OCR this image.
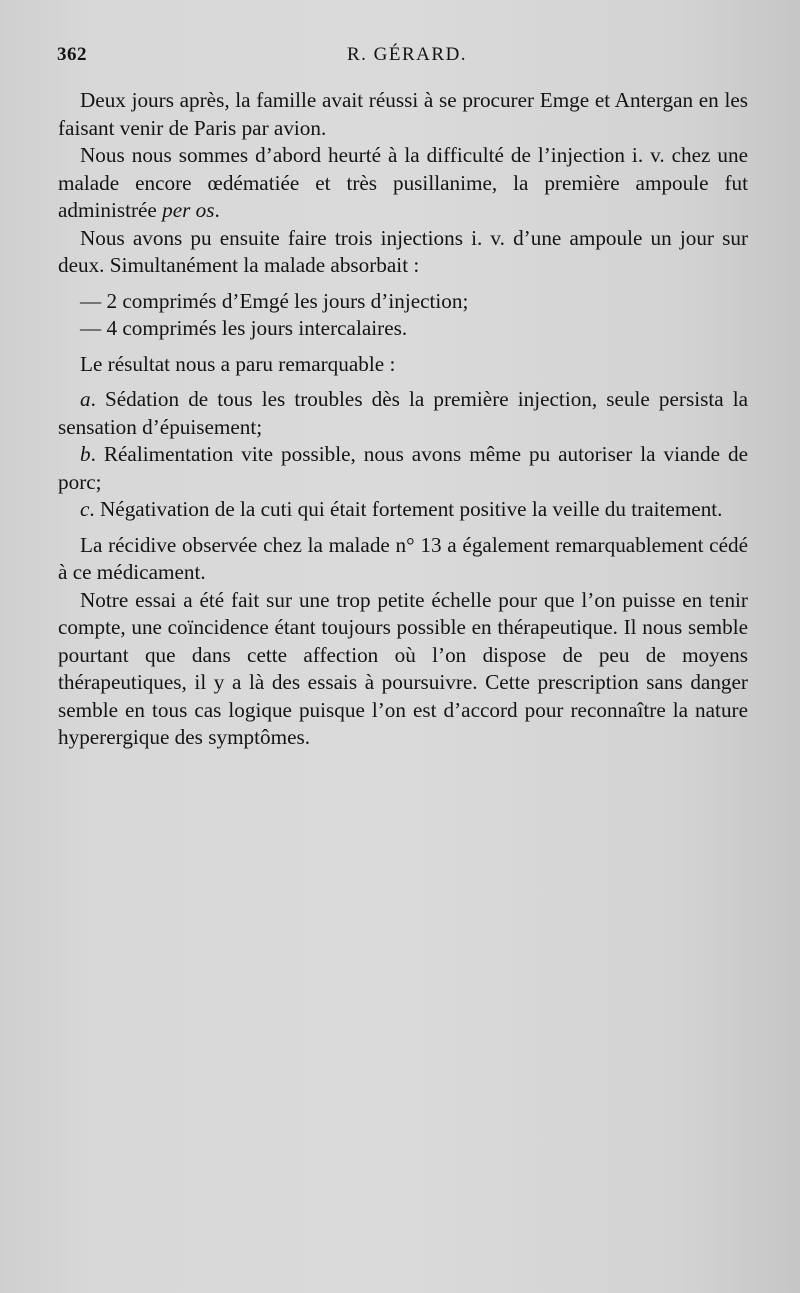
362	R. GÉRARD.

Deux jours après, la famille avait réussi à se procurer Emge et Antergan en les faisant venir de Paris par avion.

Nous nous sommes d’abord heurté à la difficulté de l’injection i. v. chez une malade encore œdématiée et très pusillanime, la première ampoule fut administrée per os.

Nous avons pu ensuite faire trois injections i. v. d’une ampoule un jour sur deux. Simultanément la malade absorbait :

— 2 comprimés d’Emgé les jours d’injection;

— 4 comprimés les jours intercalaires.

Le résultat nous a paru remarquable :

a. Sédation de tous les troubles dès la première injection, seule persista la sensation d’épuisement;

b. Réalimentation vite possible, nous avons même pu autoriser la viande de porc;

c. Négativation de la cuti qui était fortement positive la veille du traitement.

La récidive observée chez la malade n° 13 a également remarquablement cédé à ce médicament.

Notre essai a été fait sur une trop petite échelle pour que l’on puisse en tenir compte, une coïncidence étant toujours possible en thérapeutique. Il nous semble pourtant que dans cette affection où l’on dispose de peu de moyens thérapeutiques, il y a là des essais à poursuivre. Cette prescription sans danger semble en tous cas logique puisque l’on est d’accord pour reconnaître la nature hyperergique des symptômes.
